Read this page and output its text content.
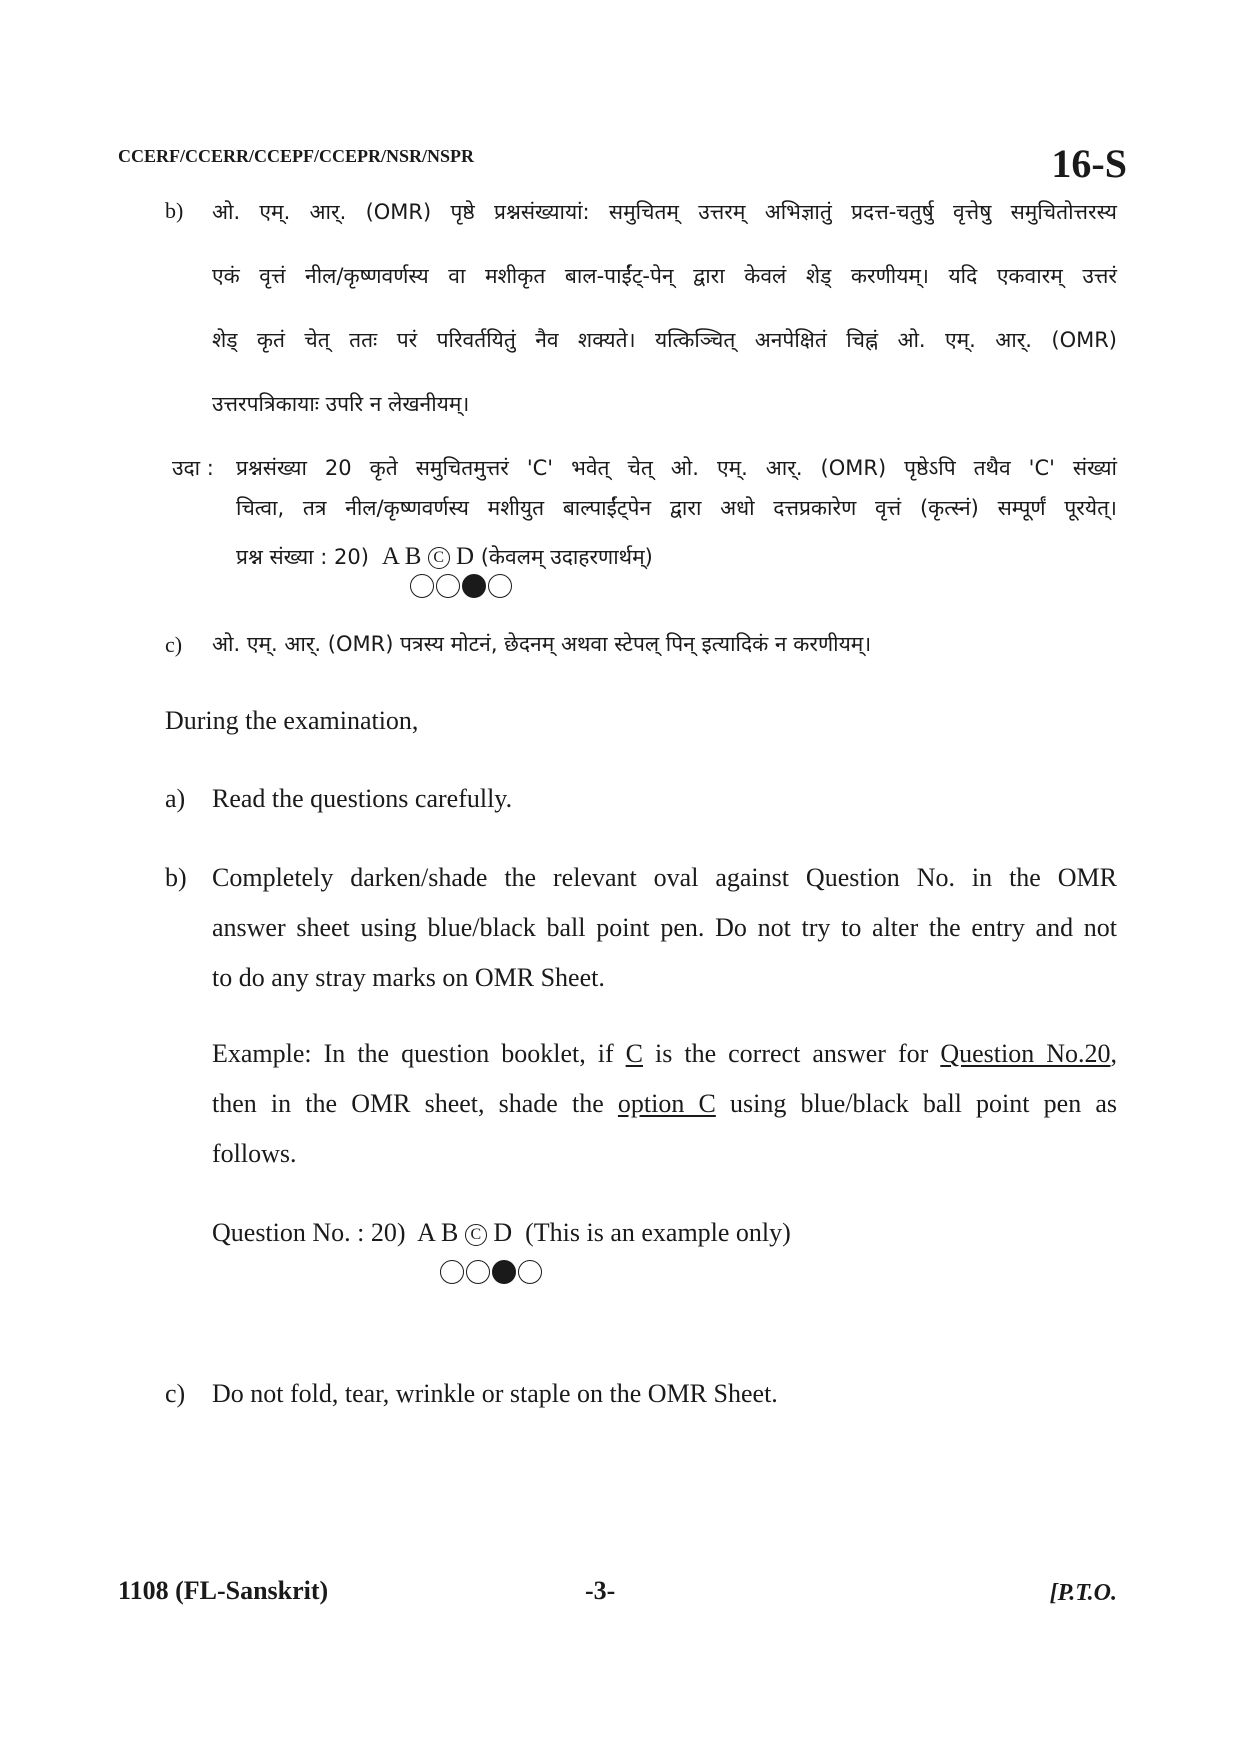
CCERF/CCERR/CCEPF/CCEPR/NSR/NSPR	16-S
b) ओ. एम्. आर्. (OMR) पृष्ठे प्रश्नसंख्यायां: समुचितम् उत्तरम् अभिज्ञातुं प्रदत्त-चतुर्षु वृत्तेषु समुचितोत्तरस्य
एकं वृत्तं नील/कृष्णवर्णस्य वा मशीकृत बाल-पाईंट्-पेन् द्वारा केवलं शेड् करणीयम्। यदि एकवारम् उत्तरं
शेड् कृतं चेत् ततः परं परिवर्तयितुं नैव शक्यते। यत्किञ्चित् अनपेक्षितं चिह्नं ओ. एम्. आर्. (OMR)
उत्तरपत्रिकायाः उपरि न लेखनीयम्।
उदा : प्रश्नसंख्या 20 कृते समुचितमुत्तरं 'C' भवेत् चेत् ओ. एम्. आर्. (OMR) पृष्ठेऽपि तथैव 'C' संख्यां
चित्वा, तत्र नील/कृष्णवर्णस्य मशीयुत बाल्पाईंट्पेन द्वारा अधो दत्तप्रकारेण वृत्तं (कृत्स्नं) सम्पूर्णं पूरयेत्।
प्रश्न संख्या : 20) A B C D (केवलम् उदाहरणार्थम्)
c) ओ. एम्. आर्. (OMR) पत्रस्य मोटनं, छेदनम् अथवा स्टेपल् पिन् इत्यादिकं न करणीयम्।
During the examination,
a) Read the questions carefully.
b) Completely darken/shade the relevant oval against Question No. in the OMR
answer sheet using blue/black ball point pen. Do not try to alter the entry and not
to do any stray marks on OMR Sheet.
Example: In the question booklet, if C is the correct answer for Question No.20,
then in the OMR sheet, shade the option C using blue/black ball point pen as
follows.
Question No. : 20) A B C D (This is an example only)
c) Do not fold, tear, wrinkle or staple on the OMR Sheet.
1108 (FL-Sanskrit)	-3-	[P.T.O.
